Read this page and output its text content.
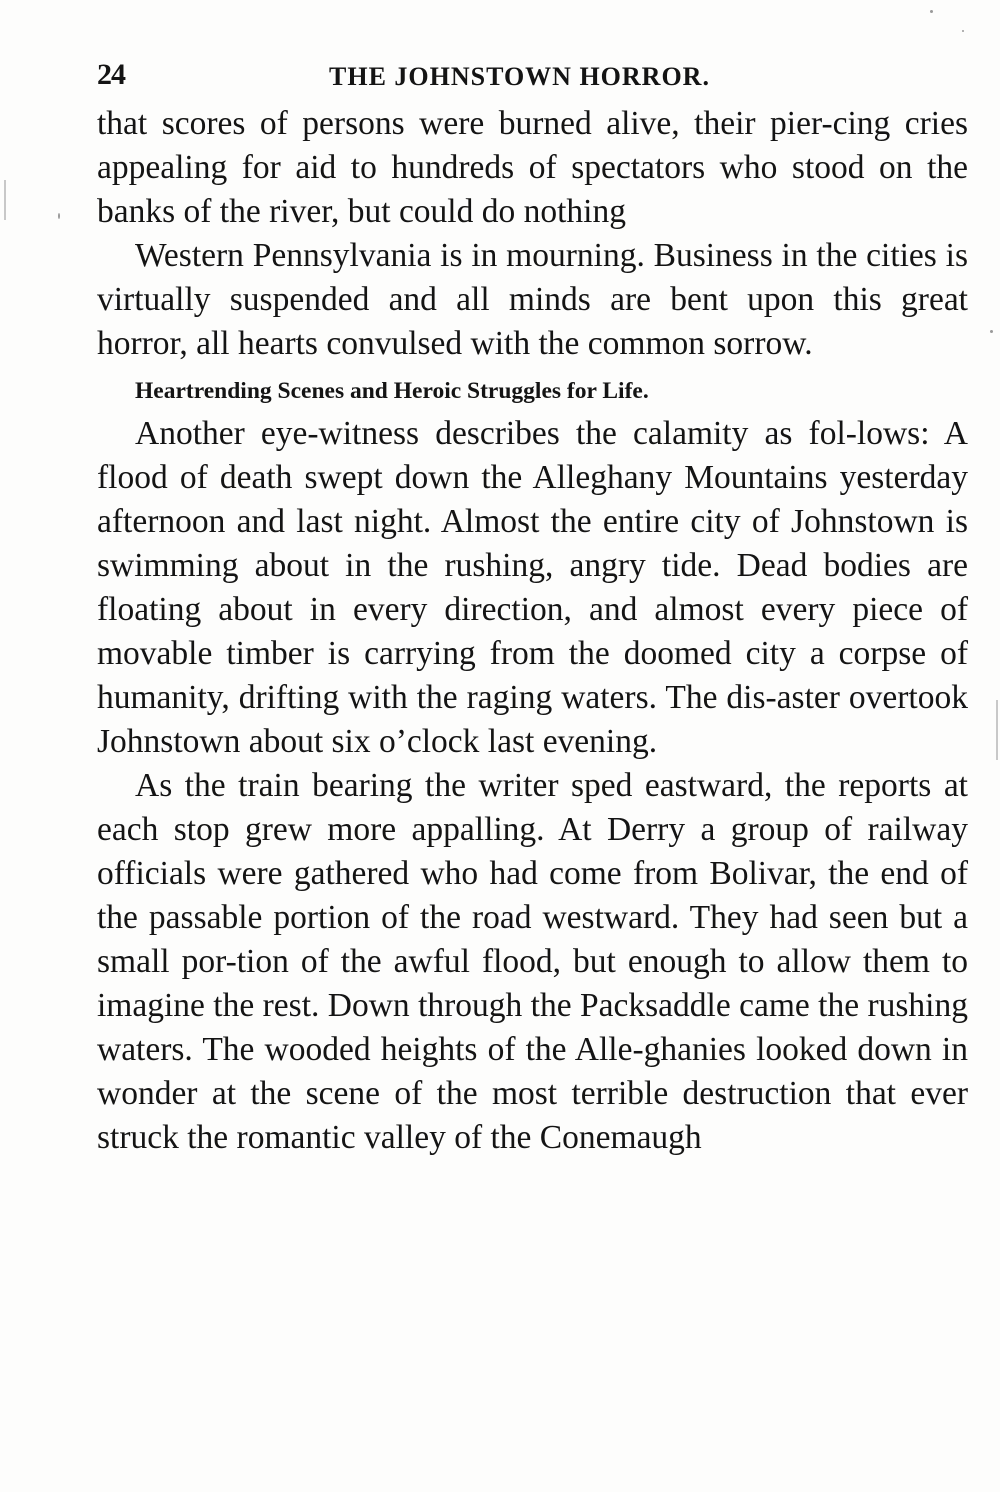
24	THE JOHNSTOWN HORROR.

that scores of persons were burned alive, their pier-cing cries appealing for aid to hundreds of spectators who stood on the banks of the river, but could do nothing

Western Pennsylvania is in mourning. Business in the cities is virtually suspended and all minds are bent upon this great horror, all hearts convulsed with the common sorrow.

Heartrending Scenes and Heroic Struggles for Life.

Another eye-witness describes the calamity as fol-lows: A flood of death swept down the Alleghany Mountains yesterday afternoon and last night. Almost the entire city of Johnstown is swimming about in the rushing, angry tide. Dead bodies are floating about in every direction, and almost every piece of movable timber is carrying from the doomed city a corpse of humanity, drifting with the raging waters. The dis-aster overtook Johnstown about six o’clock last evening.

As the train bearing the writer sped eastward, the reports at each stop grew more appalling. At Derry a group of railway officials were gathered who had come from Bolivar, the end of the passable portion of the road westward. They had seen but a small por-tion of the awful flood, but enough to allow them to imagine the rest. Down through the Packsaddle came the rushing waters. The wooded heights of the Alle-ghanies looked down in wonder at the scene of the most terrible destruction that ever struck the romantic valley of the Conemaugh
